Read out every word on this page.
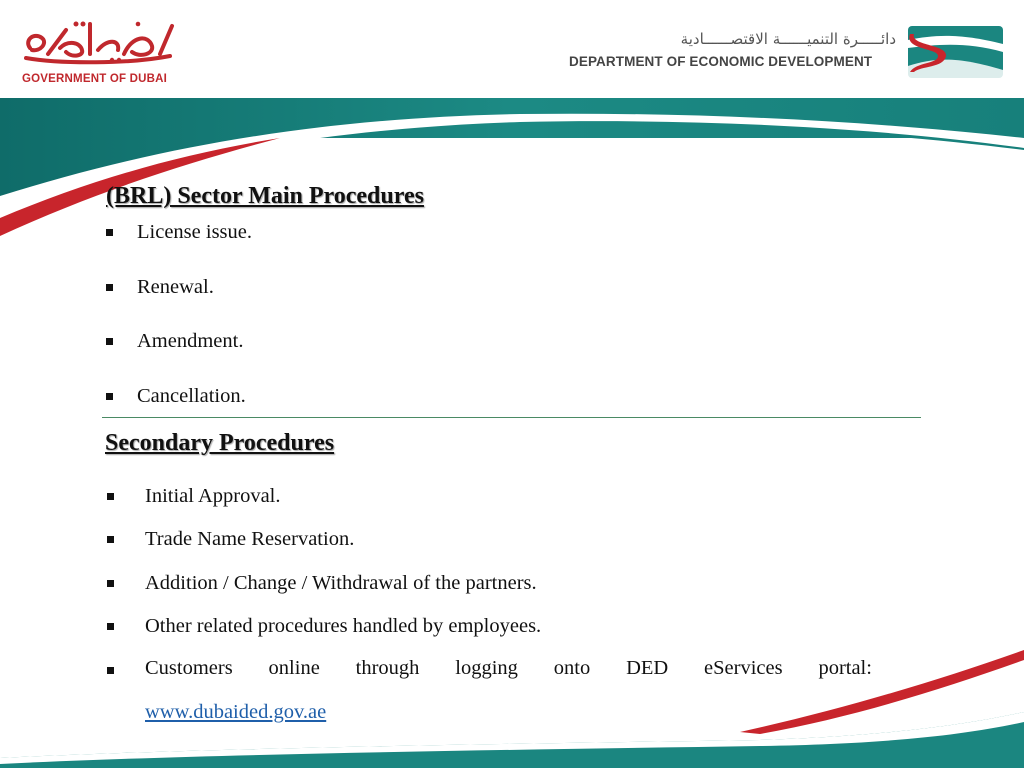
GOVERNMENT OF DUBAI
دائـــــرة التنميــــــة الاقتصــــــادية
DEPARTMENT OF ECONOMIC DEVELOPMENT
(BRL) Sector Main Procedures
License issue.
Renewal.
Amendment.
Cancellation.
Secondary Procedures
Initial Approval.
Trade Name Reservation.
Addition / Change / Withdrawal of the partners.
Other related procedures handled by employees.
Customers online through logging onto DED eServices portal:
www.dubaided.gov.ae
